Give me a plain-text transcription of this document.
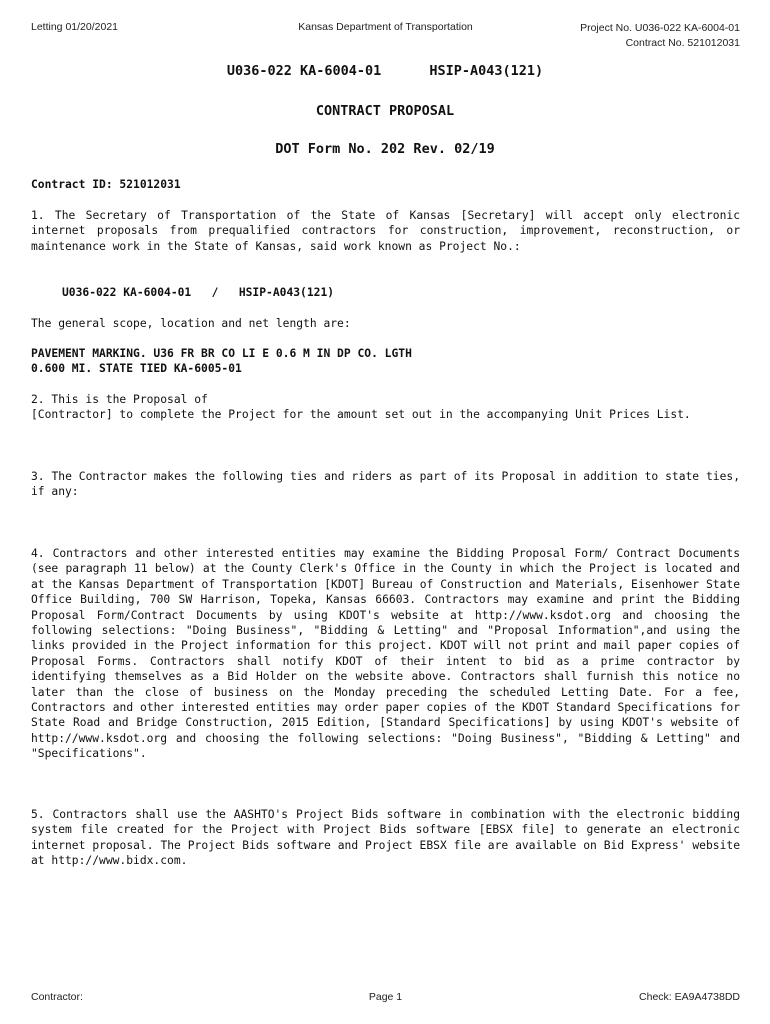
Letting 01/20/2021	Kansas Department of Transportation	Project No. U036-022 KA-6004-01
Contract No. 521012031
U036-022 KA-6004-01	HSIP-A043(121)
CONTRACT PROPOSAL
DOT Form No. 202 Rev. 02/19
Contract ID: 521012031
1. The Secretary of Transportation of the State of Kansas [Secretary] will accept only electronic internet proposals from prequalified contractors for construction, improvement, reconstruction, or maintenance work in the State of Kansas, said work known as Project No.:
U036-022 KA-6004-01   /   HSIP-A043(121)
The general scope, location and net length are:
PAVEMENT MARKING. U36 FR BR CO LI E 0.6 M IN DP CO. LGTH
0.600 MI. STATE TIED KA-6005-01
2. This is the Proposal of
[Contractor] to complete the Project for the amount set out in the accompanying Unit Prices List.
3. The Contractor makes the following ties and riders as part of its Proposal in addition to state ties, if any:
4. Contractors and other interested entities may examine the Bidding Proposal Form/ Contract Documents (see paragraph 11 below) at the County Clerk's Office in the County in which the Project is located and at the Kansas Department of Transportation [KDOT] Bureau of Construction and Materials, Eisenhower State Office Building, 700 SW Harrison, Topeka, Kansas 66603. Contractors may examine and print the Bidding Proposal Form/Contract Documents by using KDOT's website at http://www.ksdot.org and choosing the following selections: "Doing Business", "Bidding & Letting" and "Proposal Information",and using the links provided in the Project information for this project. KDOT will not print and mail paper copies of Proposal Forms. Contractors shall notify KDOT of their intent to bid as a prime contractor by identifying themselves as a Bid Holder on the website above. Contractors shall furnish this notice no later than the close of business on the Monday preceding the scheduled Letting Date. For a fee, Contractors and other interested entities may order paper copies of the KDOT Standard Specifications for State Road and Bridge Construction, 2015 Edition, [Standard Specifications] by using KDOT's website of http://www.ksdot.org and choosing the following selections: "Doing Business", "Bidding & Letting" and "Specifications".
5. Contractors shall use the AASHTO's Project Bids software in combination with the electronic bidding system file created for the Project with Project Bids software [EBSX file] to generate an electronic internet proposal. The Project Bids software and Project EBSX file are available on Bid Express' website at http://www.bidx.com.
Contractor:	Page 1	Check: EA9A4738DD
